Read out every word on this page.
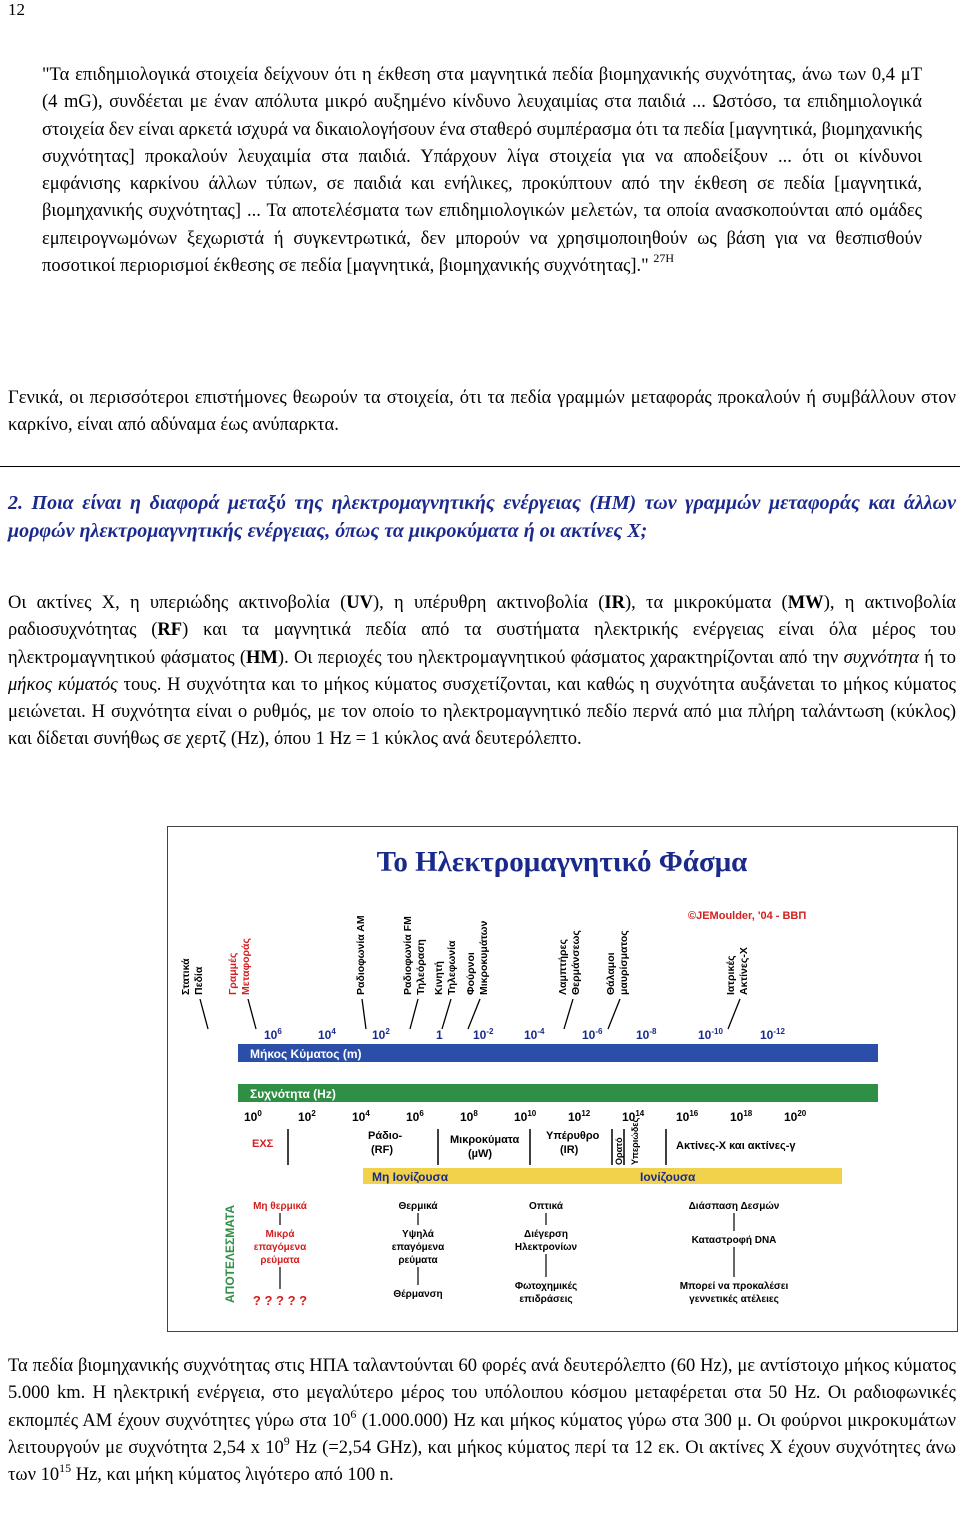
12
"Τα επιδημιολογικά στοιχεία δείχνουν ότι η έκθεση στα μαγνητικά πεδία βιομηχανικής συχνότητας, άνω των 0,4 μT (4 mG), συνδέεται με έναν απόλυτα μικρό αυξημένο κίνδυνο λευχαιμίας στα παιδιά ... Ωστόσο, τα επιδημιολογικά στοιχεία δεν είναι αρκετά ισχυρά να δικαιολογήσουν ένα σταθερό συμπέρασμα ότι τα πεδία [μαγνητικά, βιομηχανικής συχνότητας] προκαλούν λευχαιμία στα παιδιά. Υπάρχουν λίγα στοιχεία για να αποδείξουν ... ότι οι κίνδυνοι εμφάνισης καρκίνου άλλων τύπων, σε παιδιά και ενήλικες, προκύπτουν από την έκθεση σε πεδία [μαγνητικά, βιομηχανικής συχνότητας] ... Τα αποτελέσματα των επιδημιολογικών μελετών, τα οποία ανασκοπούνται από ομάδες εμπειρογνωμόνων ξεχωριστά ή συγκεντρωτικά, δεν μπορούν να χρησιμοποιηθούν ως βάση για να θεσπισθούν ποσοτικοί περιορισμοί έκθεσης σε πεδία [μαγνητικά, βιομηχανικής συχνότητας]." $^{27H}$
Γενικά, οι περισσότεροι επιστήμονες θεωρούν τα στοιχεία, ότι τα πεδία γραμμών μεταφοράς προκαλούν ή συμβάλλουν στον καρκίνο, είναι από αδύναμα έως ανύπαρκτα.
2. Ποια είναι η διαφορά μεταξύ της ηλεκτρομαγνητικής ενέργειας (ΗΜ) των γραμμών μεταφοράς και άλλων μορφών ηλεκτρομαγνητικής ενέργειας, όπως τα μικροκύματα ή οι ακτίνες Χ;
Οι ακτίνες Χ, η υπεριώδης ακτινοβολία (UV), η υπέρυθρη ακτινοβολία (IR), τα μικροκύματα (MW), η ακτινοβολία ραδιοσυχνότητας (RF) και τα μαγνητικά πεδία από τα συστήματα ηλεκτρικής ενέργειας είναι όλα μέρος του ηλεκτρομαγνητικού φάσματος (ΗΜ). Οι περιοχές του ηλεκτρομαγνητικού φάσματος χαρακτηρίζονται από την συχνότητα ή το μήκος κύματός τους. Η συχνότητα και το μήκος κύματος συσχετίζονται, και καθώς η συχνότητα αυξάνεται το μήκος κύματος μειώνεται. Η συχνότητα είναι ο ρυθμός, με τον οποίο το ηλεκτρομαγνητικό πεδίο περνά από μια πλήρη ταλάντωση (κύκλος) και δίδεται συνήθως σε χερτζ (Hz), όπου 1 Hz = 1 κύκλος ανά δευτερόλεπτο.
Το Ηλεκτρομαγνητικό Φάσμα
©JEMoulder, '04 - ΒΒΠ
Στατικά Πεδία Γραμμές Μεταφοράς	Ραδιοφωνία ΑΜ	Ραδιοφωνία FM Τηλεόραση Κινητή Τηλεφωνία Φούρνοι Μικροκυμάτων	Λαμπτήρες Θερμάνσεως Θάλαμοι μαυρίσματος	Ιατρικές Ακτίνες-Χ
$10^6$	$10^4$	$10^2$	1	$10^{-2}$	$10^{-4}$	$10^{-6}$	$10^{-8}$	$10^{-10}$	$10^{-12}$
Μήκος Κύματος (m)
Συχνότητα (Hz)
$10^0$	$10^2$	$10^4$	$10^6$	$10^8$	$10^{10}$	$10^{12}$	$10^{14}$	$10^{16}$	$10^{18}$	$10^{20}$
ΕΧΣ
Ράδιο-
(RF)
Μικροκύματα
(µW)
Υπέρυθρο
(IR)	Ορατό Υπεριώδες	Ακτίνες-Χ και ακτίνες-γ
Μη Ιονίζουσα	Ιονίζουσα
ΑΠΟΤΕΛΕΣΜΑΤΑ Μη θερμικά
Μικρά
επαγόμενα
ρεύματα
? ? ? ? ?
Θερμικά
Υψηλά
επαγόμενα
ρεύματα
Θέρμανση
Οπτικά
Διέγερση
Ηλεκτρονίων
Φωτοχημικές
επιδράσεις
Διάσπαση Δεσμών
Καταστροφή DNA
Μπορεί να προκαλέσει
γεννετικές ατέλειες
Τα πεδία βιομηχανικής συχνότητας στις ΗΠΑ ταλαντούνται 60 φορές ανά δευτερόλεπτο (60 Hz), με αντίστοιχο μήκος κύματος 5.000 km. Η ηλεκτρική ενέργεια, στο μεγαλύτερο μέρος του υπόλοιπου κόσμου μεταφέρεται στα 50 Hz. Οι ραδιοφωνικές εκπομπές ΑΜ έχουν συχνότητες γύρω στα $10^6$ (1.000.000) Hz και μήκος κύματος γύρω στα 300 μ. Οι φούρνοι μικροκυμάτων λειτουργούν με συχνότητα 2,54 x $10^9$ Hz (=2,54 GHz), και μήκος κύματος περί τα 12 εκ. Οι ακτίνες Χ έχουν συχνότητες άνω των $10^{15}$ Hz, και μήκη κύματος λιγότερο από 100 n.
